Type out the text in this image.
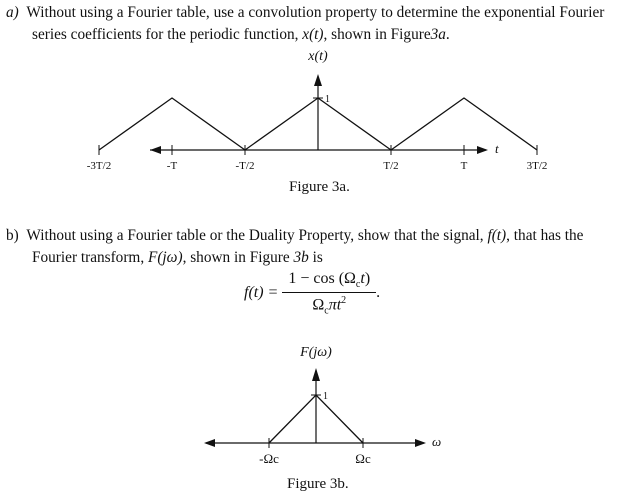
a) Without using a Fourier table, use a convolution property to determine the exponential Fourier
series coefficients for the periodic function, x(t), shown in Figure3a.
t
x(t)
1
-3T/2	-T	-T/2	T/2	T	3T/2
Figure 3a.
b) Without using a Fourier table or the Duality Property, show that the signal, f(t), that has the
Fourier transform, F(jω), shown in Figure 3b is
$f(t) = \frac{1 - \cos (\Omega_ct)}{\Omega_c\pi t^2}$ .
ω
F(jω)
1
-Ωc	Ωc
Figure 3b.
